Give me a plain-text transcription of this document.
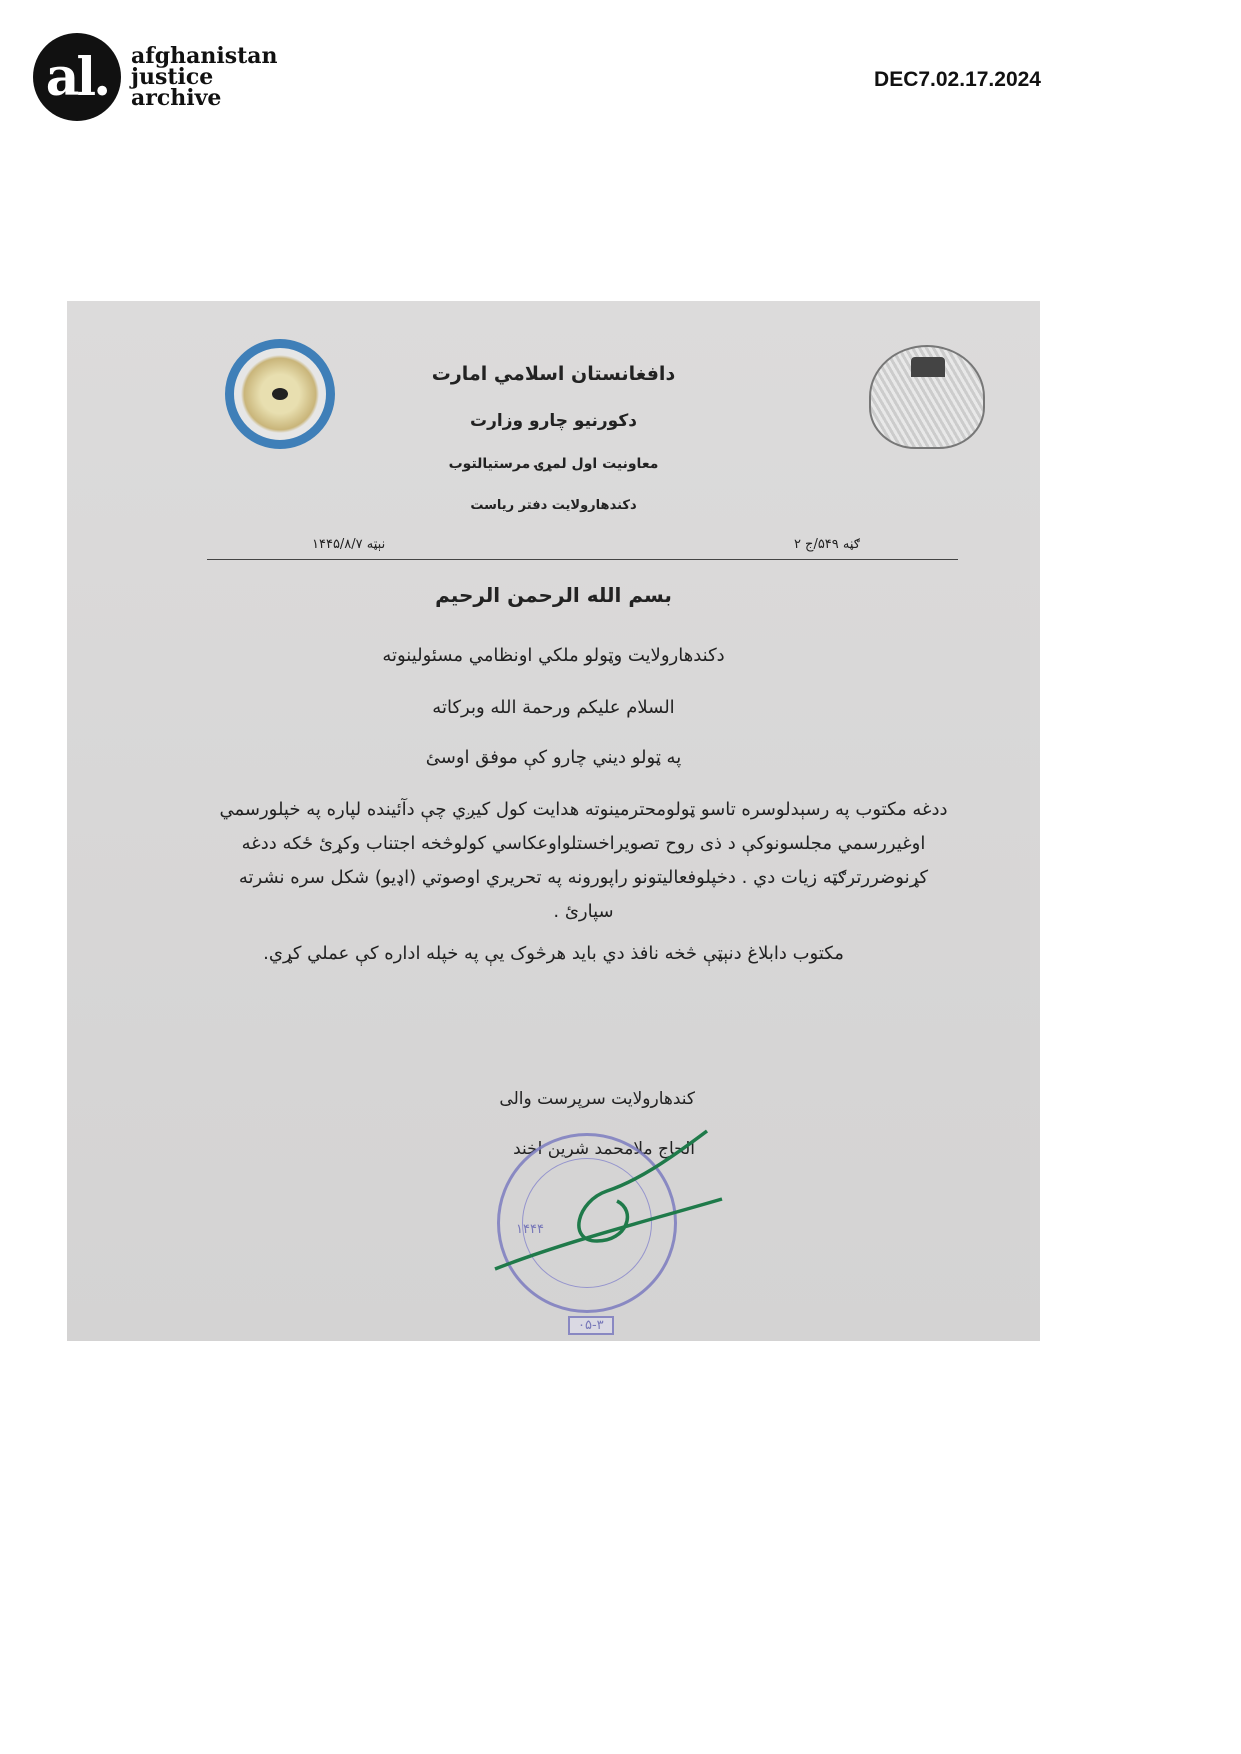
al.	afghanistan
justice
archive
DEC7.02.17.2024
دافغانستان اسلامي امارت
دکورنیو چارو وزارت
معاونیت اول لمړۍ مرستیالتوب
دکندهارولایت دفتر ریاست
ګڼه ۵۴۹/ج ۲
نېټه ۱۴۴۵/۸/۷
بسم الله الرحمن الرحیم
دکندهارولایت وټولو ملکي اونظامي مسئولینوته
السلام علیکم ورحمة الله وبرکاته
په ټولو دیني چارو کې موفق اوسئ
ددغه مکتوب په رسېدلوسره تاسو ټولومحترمینوته هدایت کول کیږي چې دآئینده لپاره په خپلورسمي اوغیررسمي مجلسونوکې د ذی روح تصویراخستلواوعکاسي کولوڅخه اجتناب وکړئ ځکه ددغه کړنوضررترګټه زیات دي . دخپلوفعالیتونو راپورونه په تحریري اوصوتي (اډیو) شکل سره نشرته سپارئ .
مکتوب دابلاغ دنېټې څخه نافذ دي باید هرڅوک یې په خپله اداره کې عملي کړي.
کندهارولایت سرپرست والی
الحاج ملامحمد شرین اخند
۱۴۴۴
۰۵-۳
